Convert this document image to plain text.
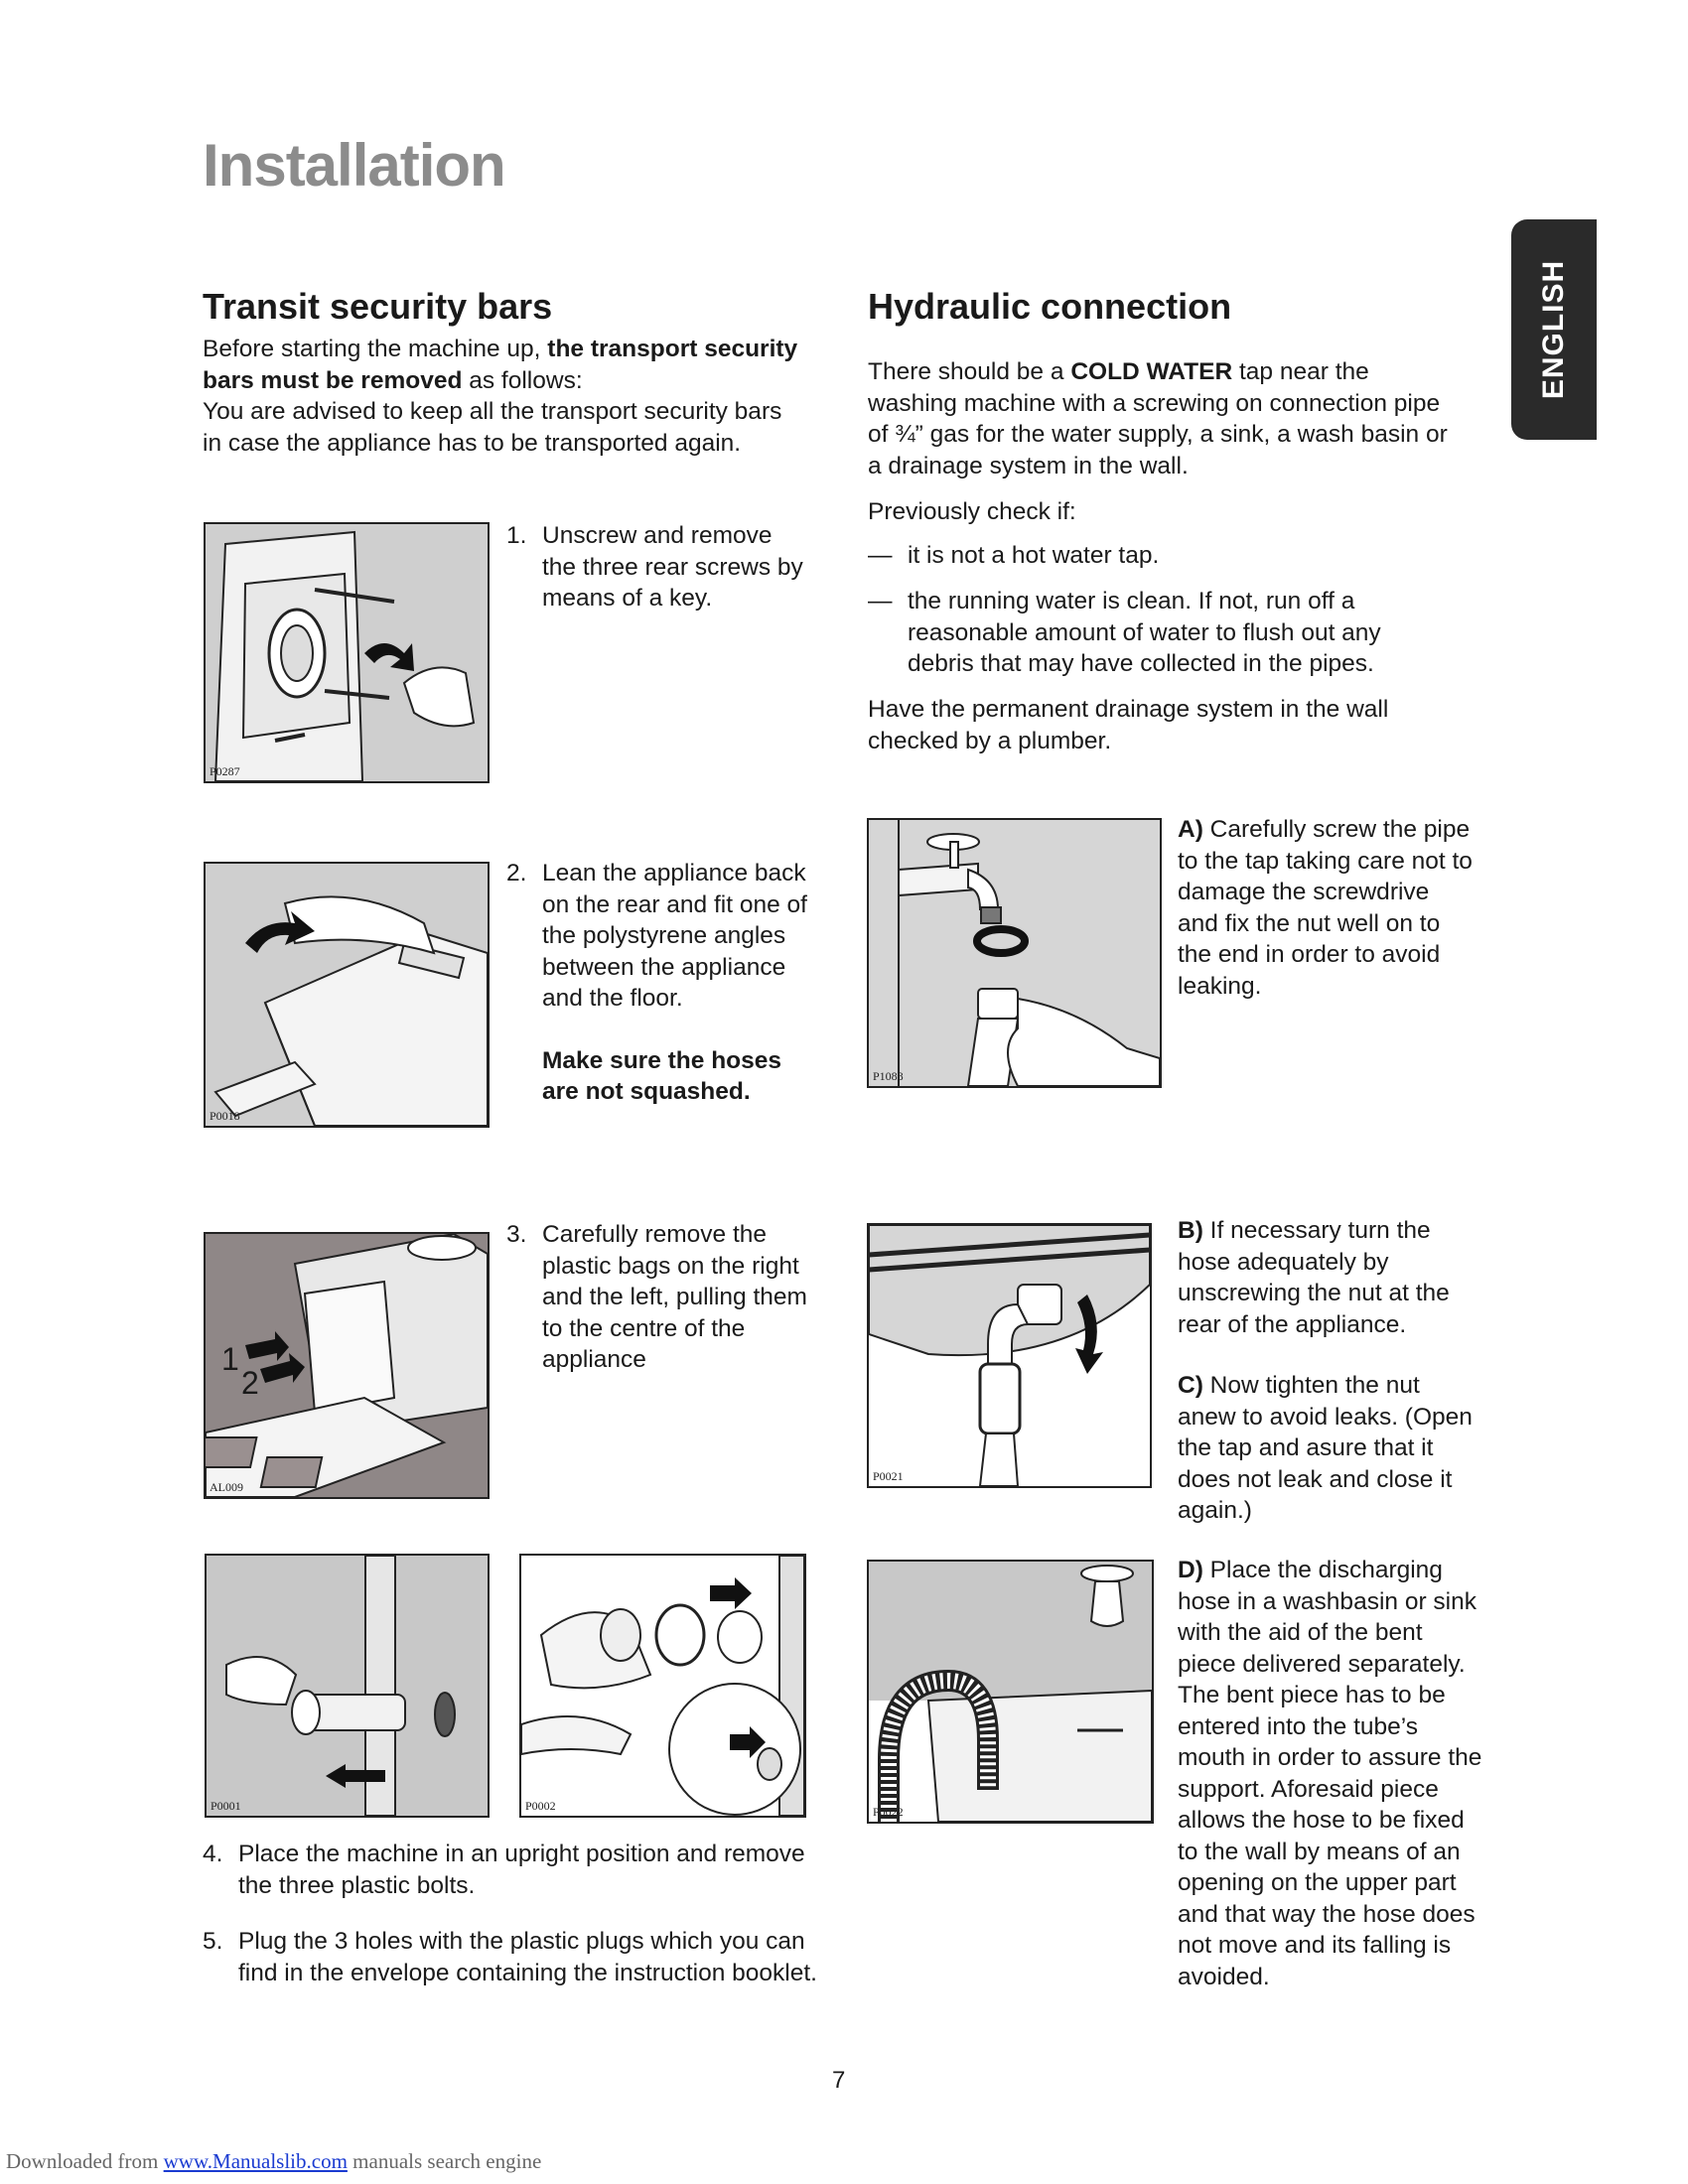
Installation
ENGLISH
Transit security bars

Before starting the machine up, the transport security bars must be removed as follows:

You are advised to keep all the transport security bars in case the appliance has to be transported again.

P0287
1. Unscrew and remove the three rear screws by means of a key.
P0018
2. Lean the appliance back on the rear and fit one of the polystyrene angles between the appliance and the floor.
Make sure the hoses are not squashed.
1
2
AL009
3. Carefully remove the plastic bags on the right and the left, pulling them to the centre of the appliance
P0001	P0002
4. Place the machine in an upright position and remove the three plastic bolts.
5. Plug the 3 holes with the plastic plugs which you can find in the envelope containing the instruction booklet.
Hydraulic connection

There should be a COLD WATER tap near the washing machine with a screwing on connection pipe of ¾” gas for the water supply, a sink, a wash basin or a drainage system in the wall.

Previously check if:

— it is not a hot water tap.
— the running water is clean. If not, run off a reasonable amount of water to flush out any debris that may have collected in the pipes.
Have the permanent drainage system in the wall checked by a plumber.
P1088
A) Carefully screw the pipe to the tap taking care not to damage the screwdrive and fix the nut well on to the end in order to avoid leaking.
P0021
B) If necessary turn the hose adequately by unscrewing the nut at the rear of the appliance.
C) Now tighten the nut anew to avoid leaks. (Open the tap and asure that it does not leak and close it again.)
P0022
D) Place the discharging hose in a washbasin or sink with the aid of the bent piece delivered separately. The bent piece has to be entered into the tube’s mouth in order to assure the support. Aforesaid piece allows the hose to be fixed to the wall by means of an opening on the upper part and that way the hose does not move and its falling is avoided.
7
Downloaded from www.Manualslib.com manuals search engine
